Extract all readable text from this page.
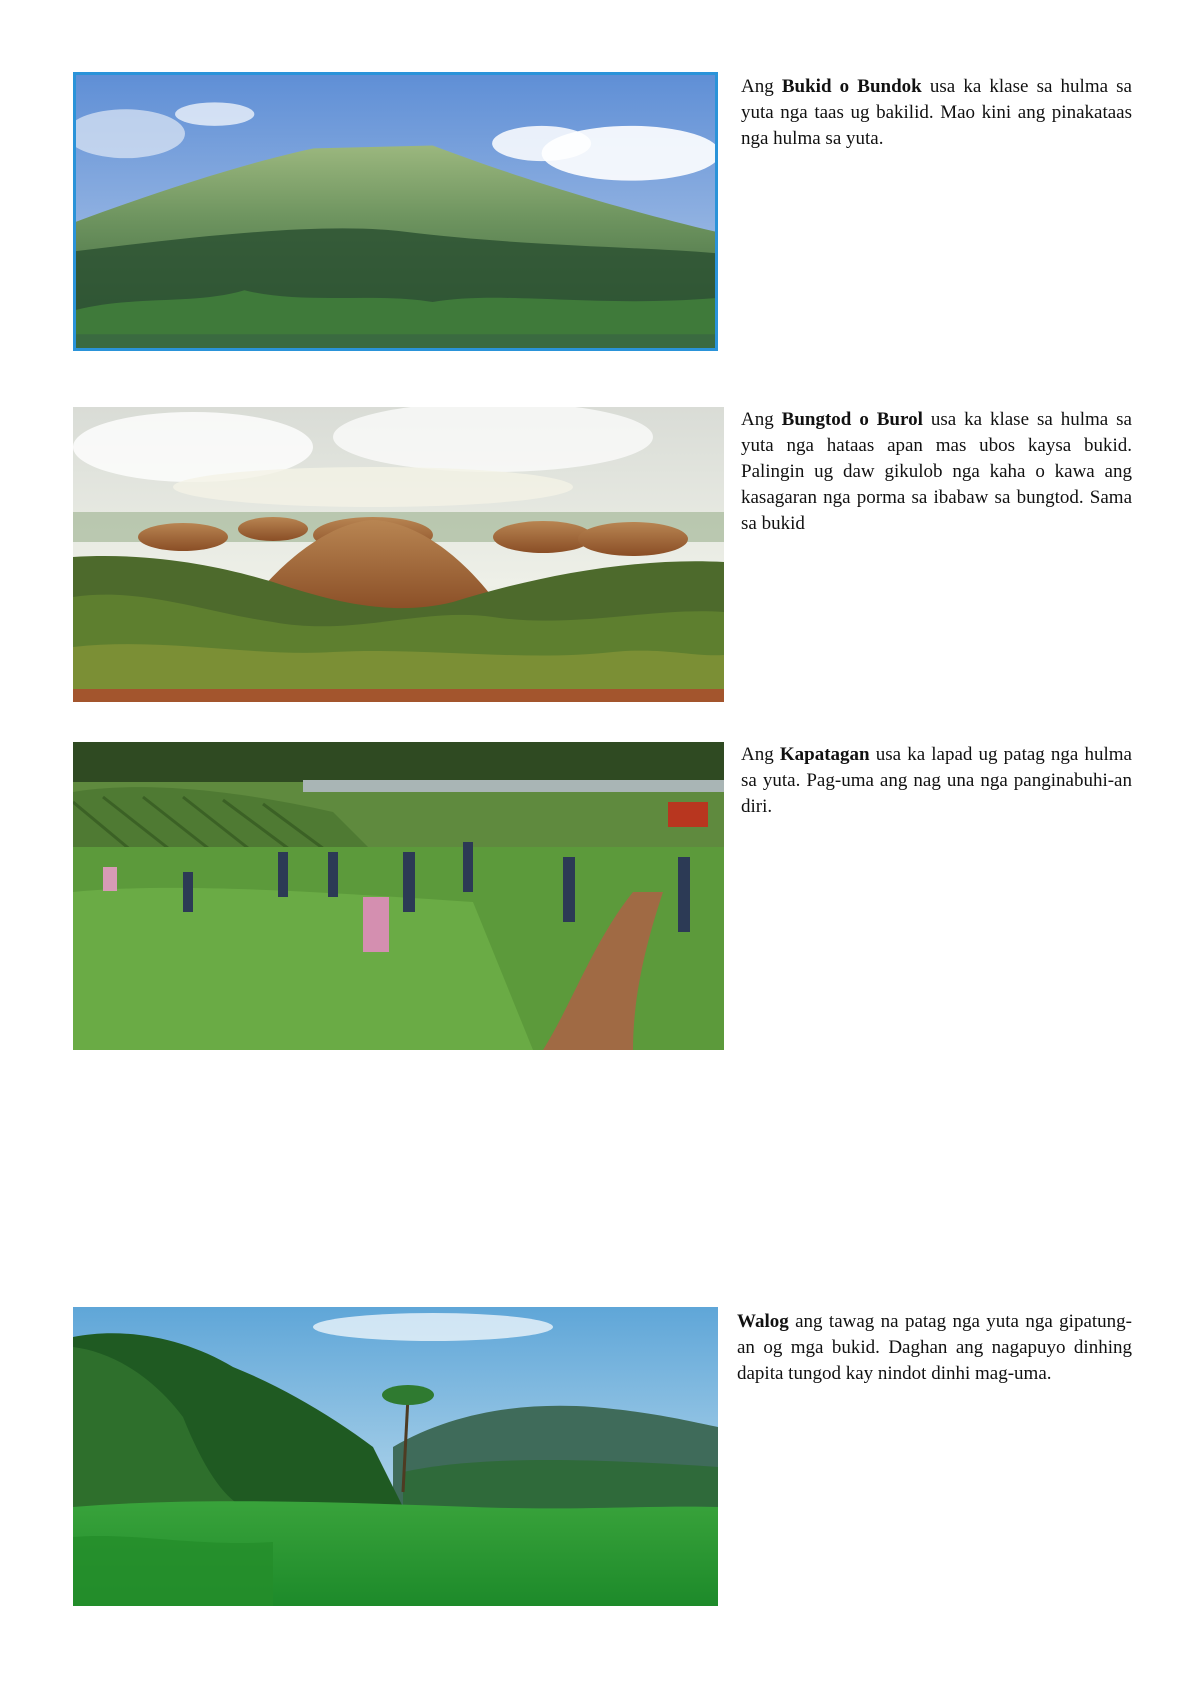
Ang Bukid o Bundok usa ka klase sa hulma sa yuta nga taas ug bakilid. Mao kini ang pinakataas nga hulma sa yuta.
Ang Bungtod o Burol usa ka klase sa hulma sa yuta nga hataas apan mas ubos kaysa bukid. Palingin ug daw gikulob nga kaha o kawa ang kasagaran nga porma sa ibabaw sa bungtod. Sama sa bukid
Ang Kapatagan usa ka lapad ug patag nga hulma sa yuta. Pag-uma ang nag una nga panginabuhi-an diri.
Walog ang tawag na patag nga yuta nga gipatung-an og mga bukid. Daghan ang nagapuyo dinhing dapita tungod kay nindot dinhi mag-uma.
